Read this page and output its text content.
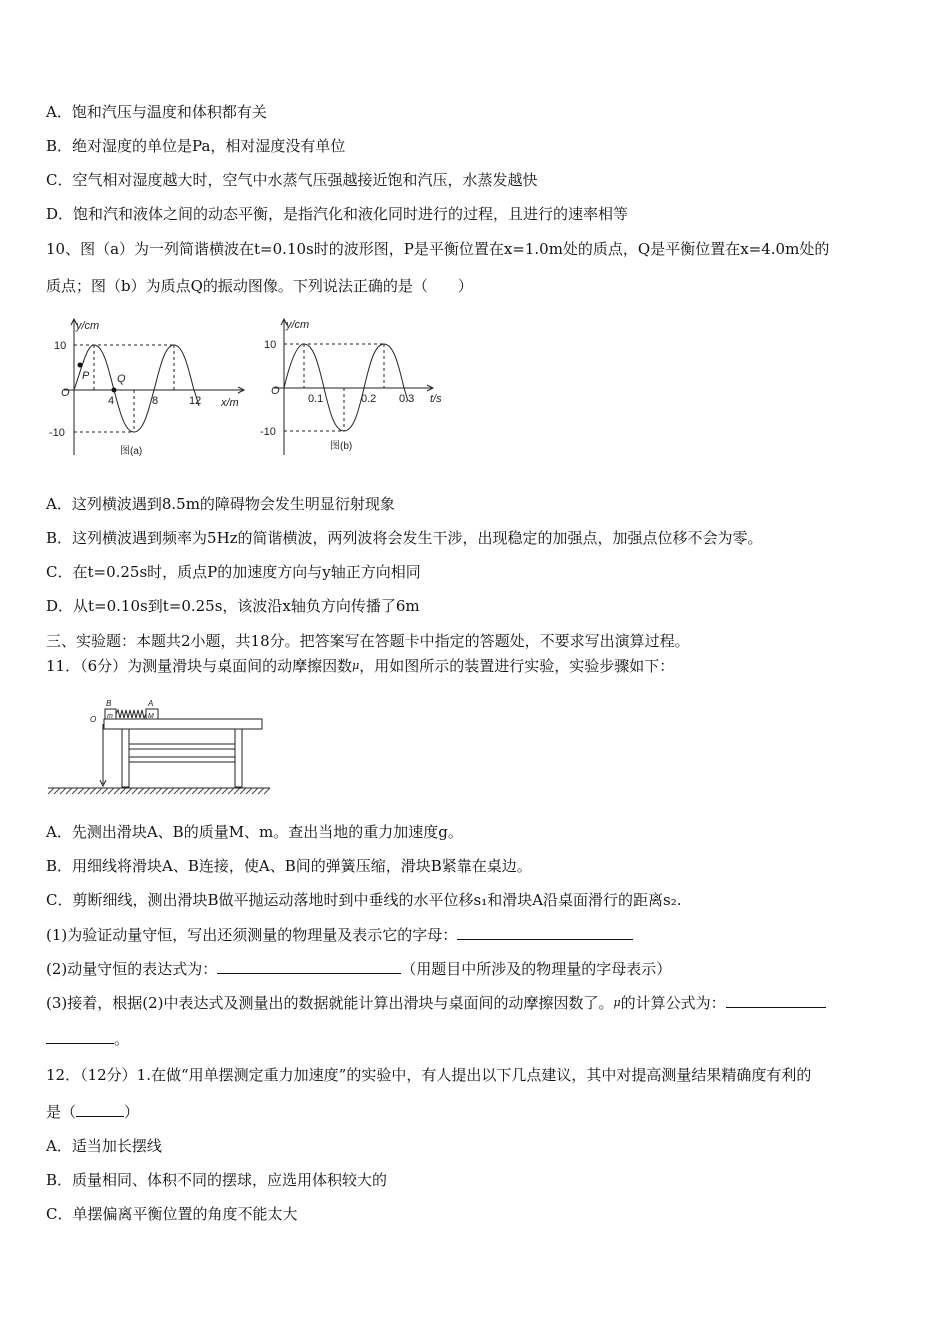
A．饱和汽压与温度和体积都有关
B．绝对湿度的单位是Pa，相对湿度没有单位
C．空气相对湿度越大时，空气中水蒸气压强越接近饱和汽压，水蒸发越快
D．饱和汽和液体之间的动态平衡，是指汽化和液化同时进行的过程，且进行的速率相等
10、图（a）为一列简谐横波在t=0.10s时的波形图，P是平衡位置在x=1.0m处的质点，Q是平衡位置在x=4.0m处的
质点；图（b）为质点Q的振动图像。下列说法正确的是（　　）
y/cm
10
-10
O
P	Q
4	8	12 x/m
图(a)
y/cm
10
-10
O
0.1	0.2 0.3 t/s
图(b)
A．这列横波遇到8.5m的障碍物会发生明显衍射现象
B．这列横波遇到频率为5Hz的简谐横波，两列波将会发生干涉，出现稳定的加强点，加强点位移不会为零。
C．在t=0.25s时，质点P的加速度方向与y轴正方向相同
D．从t=0.10s到t=0.25s，该波沿x轴负方向传播了6m
三、实验题：本题共2小题，共18分。把答案写在答题卡中指定的答题处，不要求写出演算过程。
11．（6分）为测量滑块与桌面间的动摩擦因数$^\mu$，用如图所示的装置进行实验，实验步骤如下：
B	A
O m	M
A．先测出滑块A、B的质量M、m。查出当地的重力加速度g。
B．用细线将滑块A、B连接，使A、B间的弹簧压缩，滑块B紧靠在桌边。
C．剪断细线，测出滑块B做平抛运动落地时到中垂线的水平位移s₁和滑块A沿桌面滑行的距离s₂.
(1)为验证动量守恒，写出还须测量的物理量及表示它的字母：
(2)动量守恒的表达式为：	（用题目中所涉及的物理量的字母表示）
(3)接着，根据(2)中表达式及测量出的数据就能计算出滑块与桌面间的动摩擦因数了。$^\mu$的计算公式为：
。
12．（12分）1.在做“用单摆测定重力加速度”的实验中，有人提出以下几点建议，其中对提高测量结果精确度有利的
是（	）
A．适当加长摆线
B．质量相同、体积不同的摆球，应选用体积较大的
C．单摆偏离平衡位置的角度不能太大
